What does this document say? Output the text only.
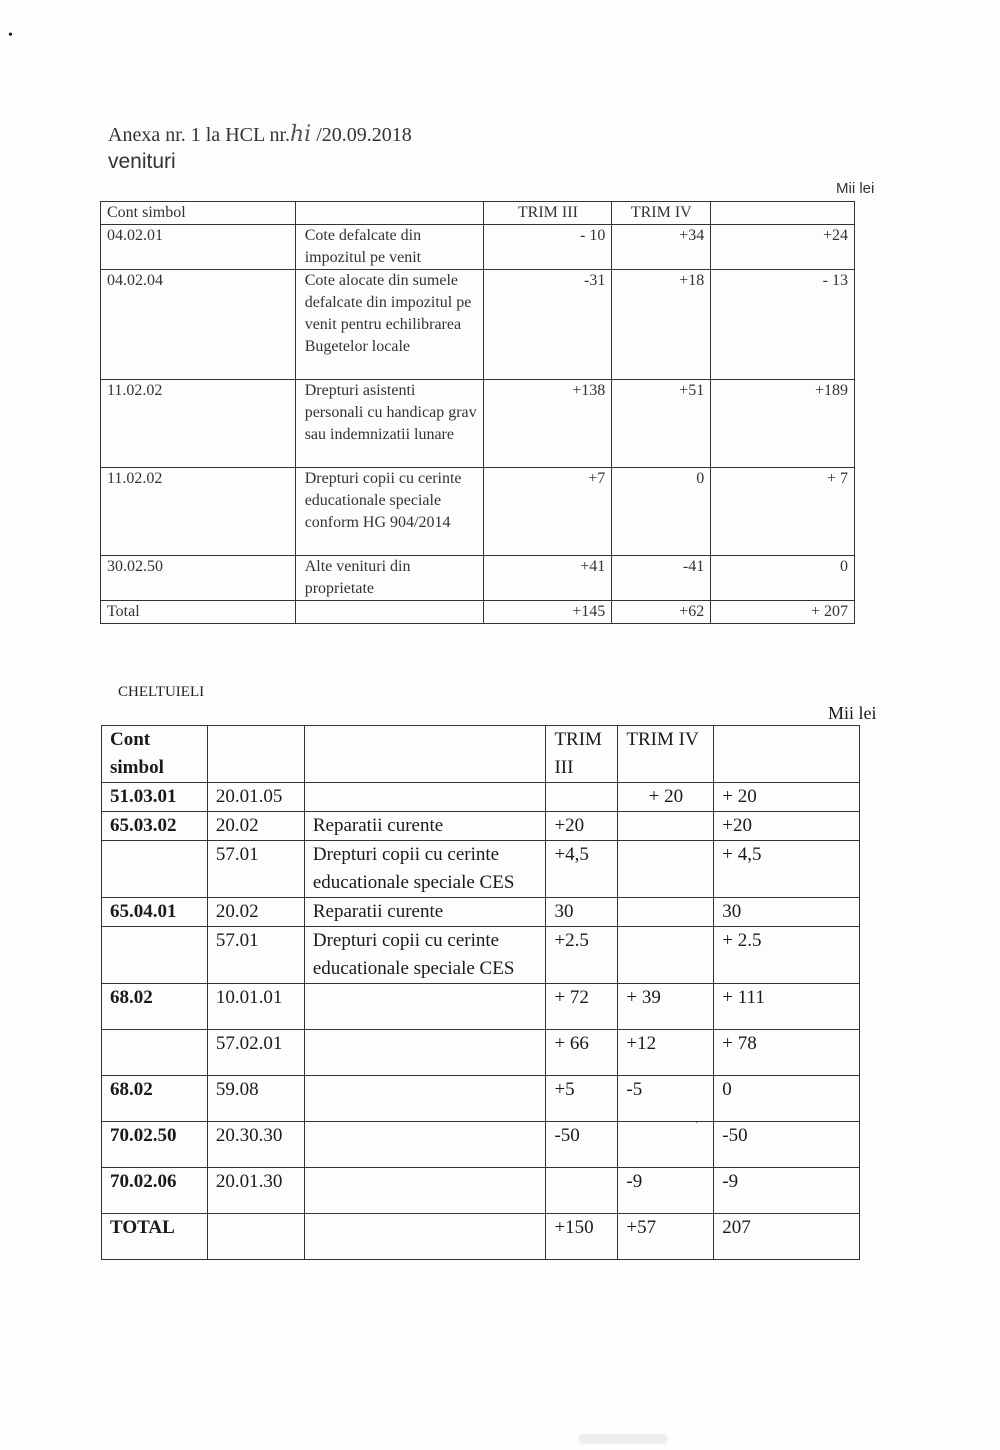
•
Anexa nr. 1 la HCL nr.hi /20.09.2018
venituri
Mii lei
Cont simbol		TRIM III	TRIM IV	
04.02.01	Cote defalcate din impozitul pe venit	- 10	+34	+24
04.02.04	Cote alocate din sumele defalcate din impozitul pe venit pentru echilibrarea Bugetelor locale	-31	+18	- 13
11.02.02	Drepturi asistenti personali cu handicap grav sau indemnizatii lunare	+138	+51	+189
11.02.02	Drepturi copii cu cerinte educationale speciale conform HG 904/2014	+7	0	+ 7
30.02.50	Alte venituri din proprietate	+41	-41	0
Total		+145	+62	+ 207
CHELTUIELI
Mii lei
Cont simbol			TRIM III	TRIM IV	
51.03.01	20.01.05			+ 20	+ 20
65.03.02	20.02	Reparatii curente	+20		+20
	57.01	Drepturi copii cu cerinte educationale speciale CES	+4,5		+ 4,5
65.04.01	20.02	Reparatii curente	30		30
	57.01	Drepturi copii cu cerinte educationale speciale CES	+2.5		+ 2.5
68.02	10.01.01		+ 72	+ 39	+ 111
	57.02.01		+ 66	+12	+ 78
68.02	59.08		+5	-5	0
70.02.50	20.30.30		-50		-50
70.02.06	20.01.30			-9	-9
TOTAL			+150	+57	207
·
